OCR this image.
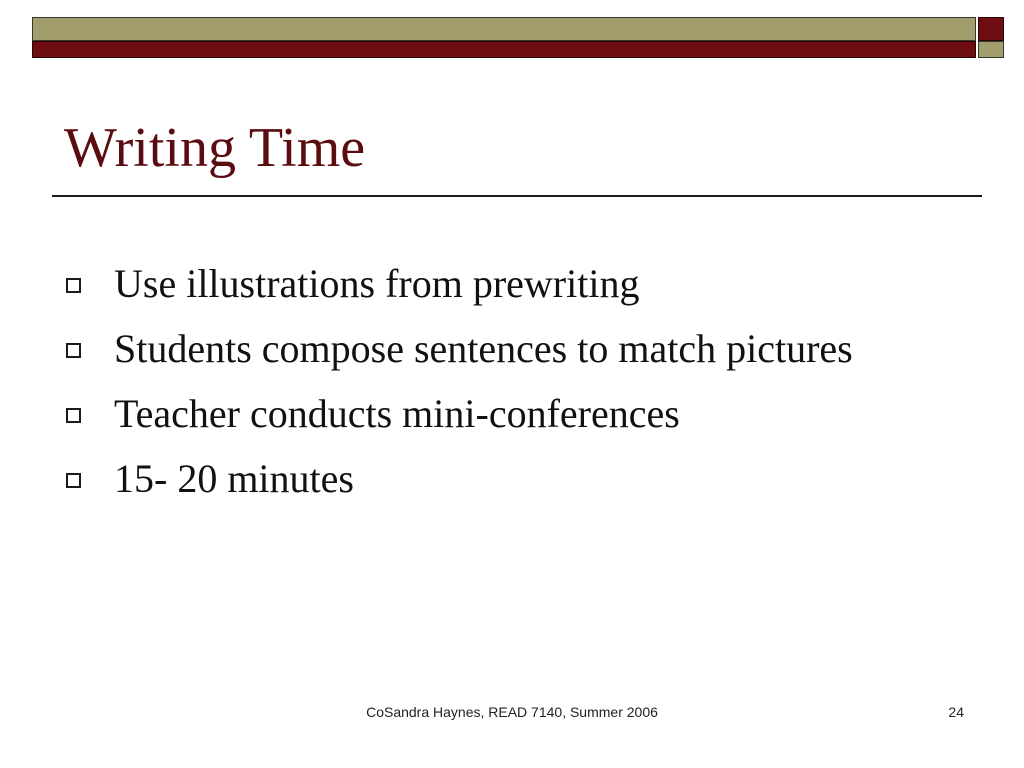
Writing Time
Use illustrations from prewriting
Students compose sentences to match pictures
Teacher conducts mini-conferences
15- 20 minutes
CoSandra Haynes, READ 7140, Summer 2006	24
